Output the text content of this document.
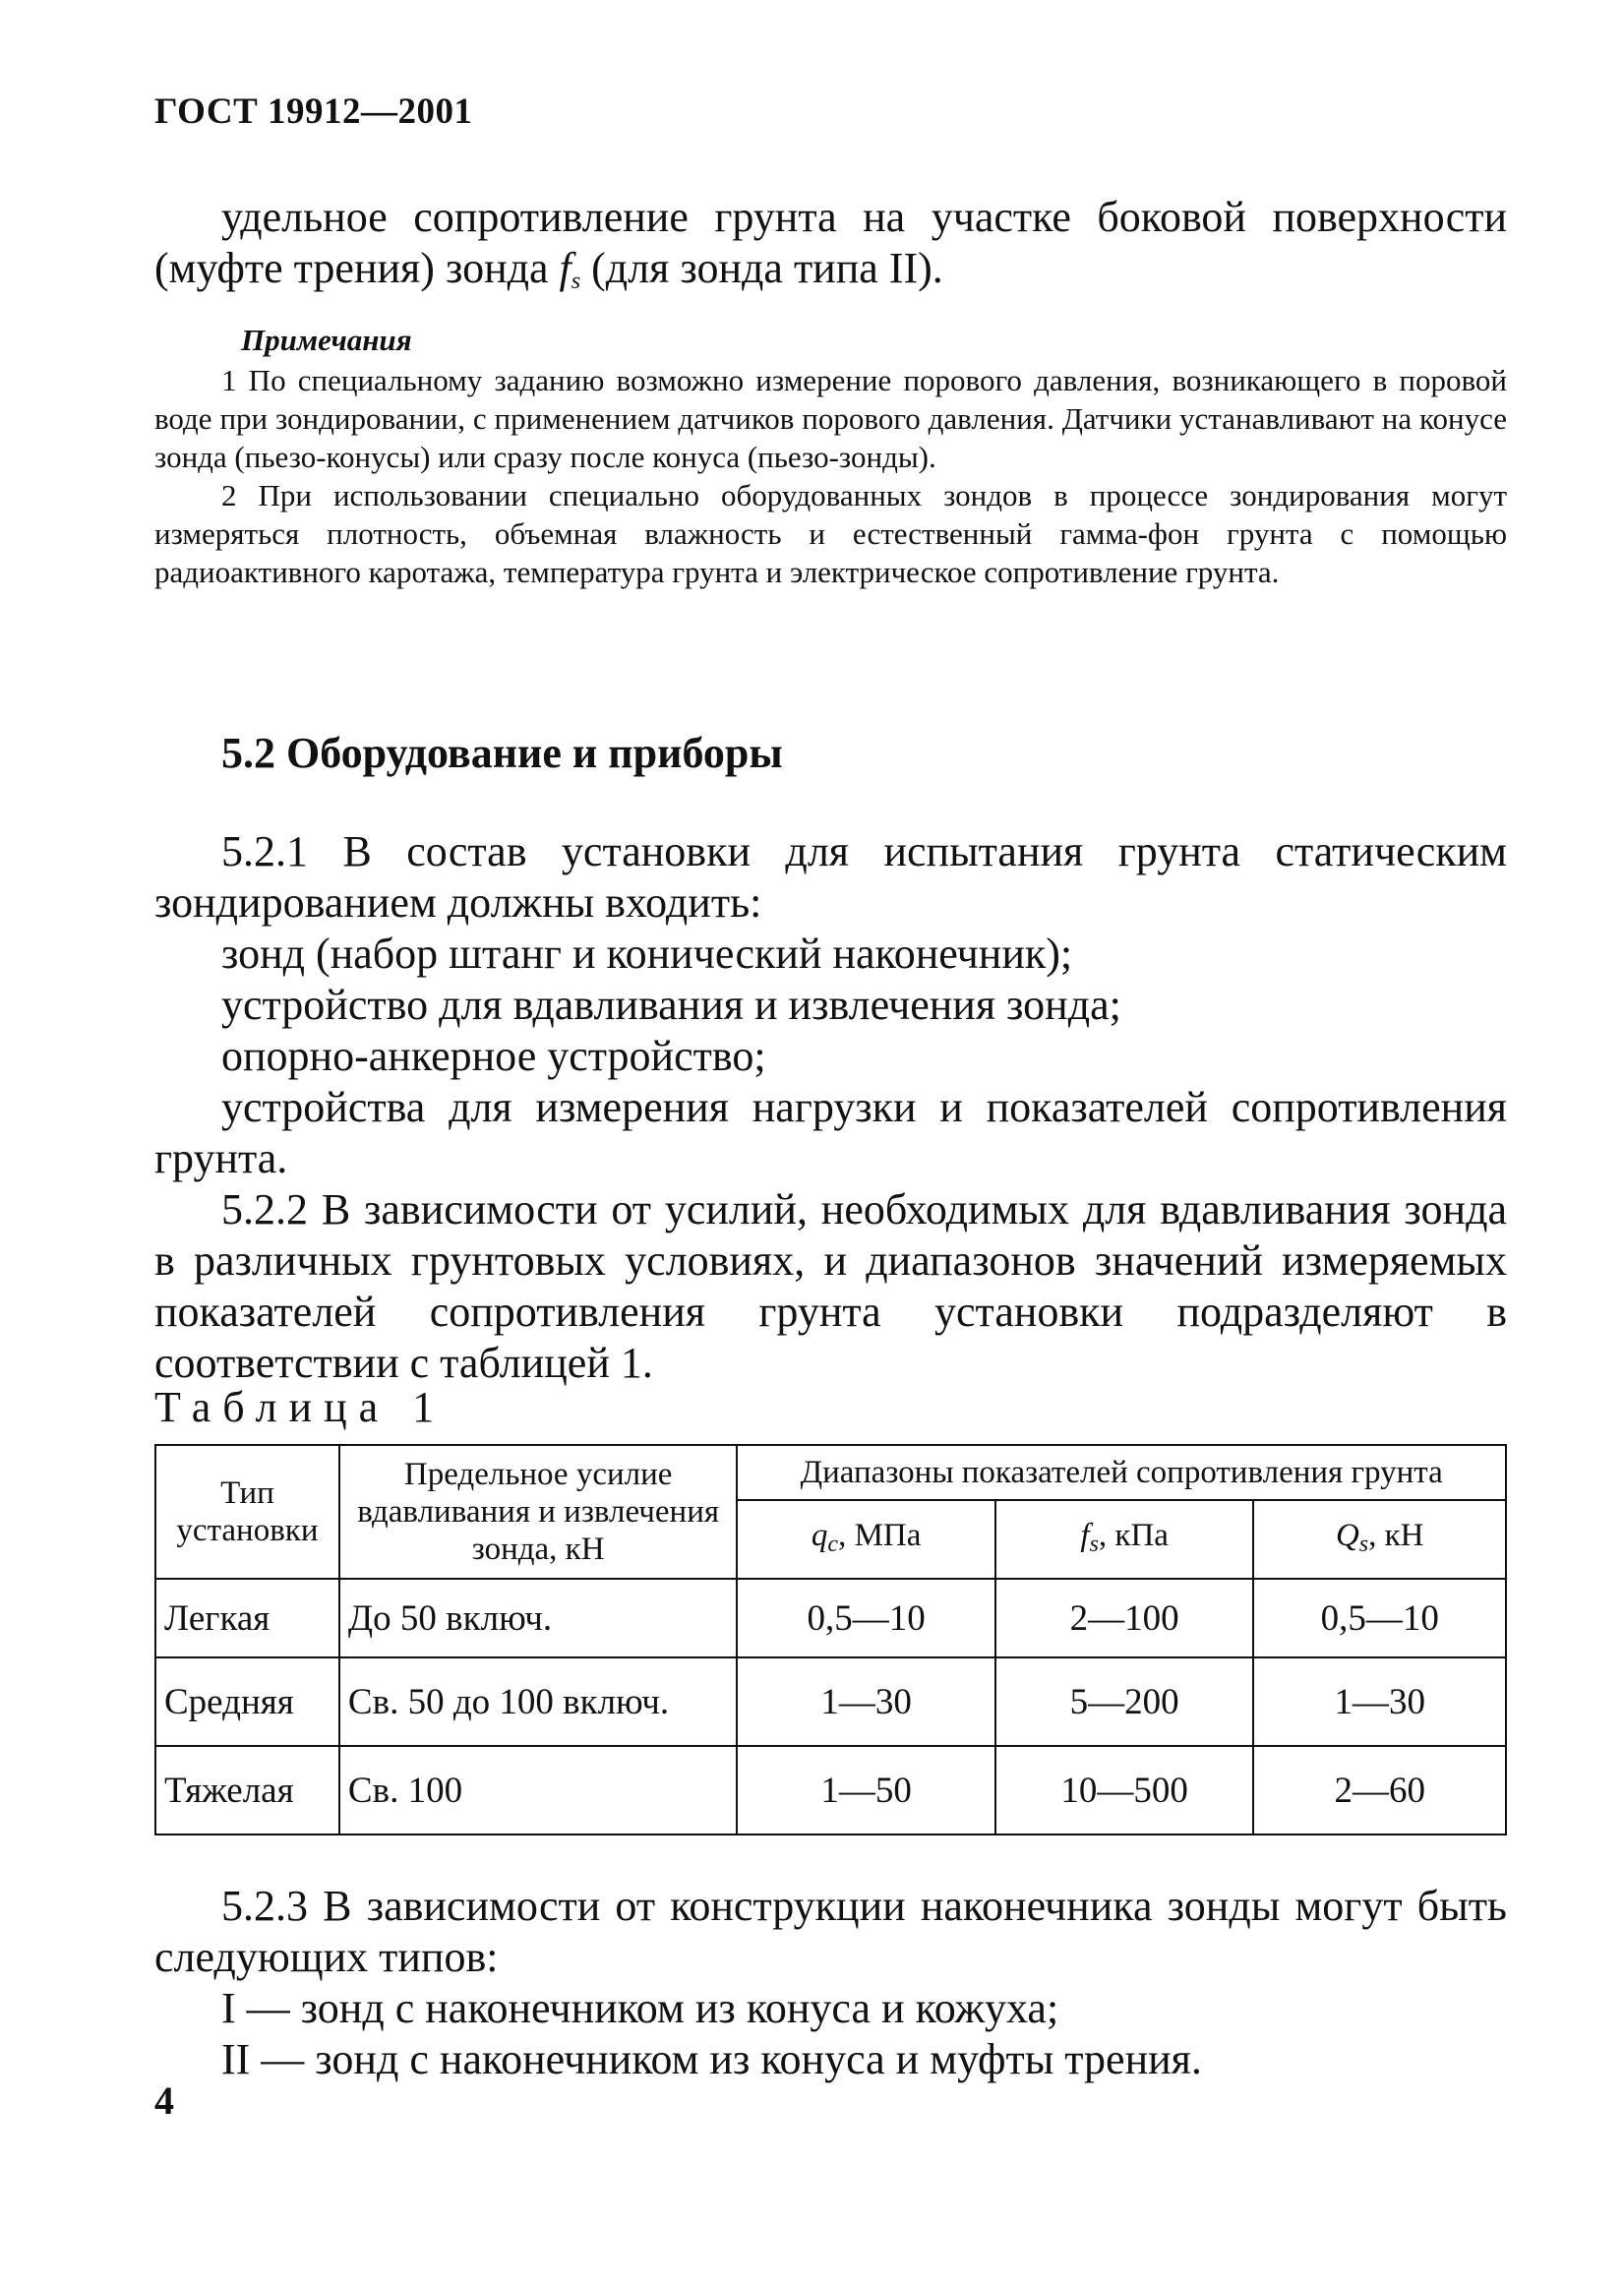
ГОСТ 19912—2001

удельное сопротивление грунта на участке боковой поверхности (муфте трения) зонда $f_s$ (для зонда типа II).

Примечания

1 По специальному заданию возможно измерение порового давления, возникающего в поровой воде при зондировании, с применением датчиков порового давления. Датчики устанавливают на конусе зонда (пьезо-конусы) или сразу после конуса (пьезо-зонды).

2 При использовании специально оборудованных зондов в процессе зондирования могут измеряться плотность, объемная влажность и естественный гамма-фон грунта с помощью радиоактивного каротажа, температура грунта и электрическое сопротивление грунта.

5.2 Оборудование и приборы

5.2.1 В состав установки для испытания грунта статическим зондированием должны входить:

зонд (набор штанг и конический наконечник);

устройство для вдавливания и извлечения зонда;

опорно-анкерное устройство;

устройства для измерения нагрузки и показателей сопротивления грунта.

5.2.2 В зависимости от усилий, необходимых для вдавливания зонда в различных грунтовых условиях, и диапазонов значений измеряемых показателей сопротивления грунта установки подразделяют в соответствии с таблицей 1.

Таблица 1
Тип установки	Предельное усилие вдавливания и извлечения зонда, кН	Диапазоны показателей сопротивления грунта		
		$q_c$, МПа	$f_s$, кПа	$Q_s$, кН
Легкая	До 50 включ.	0,5—10	2—100	0,5—10
Средняя	Св. 50 до 100 включ.	1—30	5—200	1—30
Тяжелая	Св. 100	1—50	10—500	2—60

5.2.3 В зависимости от конструкции наконечника зонды могут быть следующих типов:

I — зонд с наконечником из конуса и кожуха;

II — зонд с наконечником из конуса и муфты трения.

4
